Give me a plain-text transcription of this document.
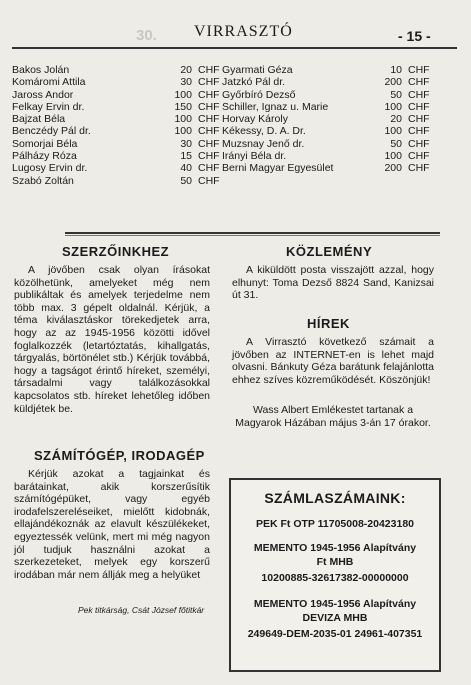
30. VIRRASZTÓ	- 15 -
Bakos Jolán	20 CHF
Komáromi Attila	30 CHF
Jaross Andor	100 CHF
Felkay Ervin dr.	150 CHF
Bajzat Béla	100 CHF
Benczédy Pál dr.	100 CHF
Somorjai Béla	30 CHF
Pálházy Róza	15 CHF
Lugosy Ervin dr.	40 CHF
Szabó Zoltán	50 CHF
Gyarmati Géza	10 CHF
Jatzkó Pál dr.	200 CHF
Győrbíró Dezső	50 CHF
Schiller, Ignaz u. Marie	100 CHF
Horvay Károly	20 CHF
Kékessy, D. A. Dr.	100 CHF
Muzsnay Jenő dr.	50 CHF
Irányi Béla dr.	100 CHF
Berni Magyar Egyesület	200 CHF
SZERZŐINKHEZ

A jövőben csak olyan írásokat közölhetünk, amelyeket még nem publikáltak és amelyek terjedelme nem több max. 3 gépelt oldalnál. Kérjük, a téma kiválasztáskor törekedjetek arra, hogy az az 1945-1956 közötti idővel foglalkozzék (letartóztatás, kihallgatás, tárgyalás, börtönélet stb.) Kérjük továbbá, hogy a tagságot érintő híreket, személyi, társadalmi vagy találkozásokkal kapcsolatos stb. híreket lehetőleg időben küldjétek be.

SZÁMÍTÓGÉP, IRODAGÉP

Kérjük azokat a tagjainkat és barátainkat, akik korszerűsítik számítógépüket, vagy egyéb irodafelszereléseiket, mielőtt kidobnák, ellajándékoznák az elavult készülékeket, egyeztessék velünk, mert mi még nagyon jól tudjuk használni azokat a szerkezeteket, melyek egy korszerű irodában már nem állják meg a helyüket

Pek titkárság, Csát József főtitkár
KÖZLEMÉNY

A kiküldött posta visszajött azzal, hogy elhunyt: Toma Dezső 8824 Sand, Kanizsai út 31.

HÍREK

A Virrasztó következő számait a jövőben az INTERNET-en is lehet majd olvasni. Bánkuty Géza barátunk felajánlotta ehhez szíves közreműködését. Köszönjük!

Wass Albert Emlékestet tartanak a Magyarok Házában május 3-án 17 órakor.

SZÁMLASZÁMAINK:
PEK Ft OTP 11705008-20423180
MEMENTO 1945-1956 Alapítvány
Ft MHB
10200885-32617382-00000000
MEMENTO 1945-1956 Alapítvány
DEVIZA MHB
249649-DEM-2035-01 24961-407351
